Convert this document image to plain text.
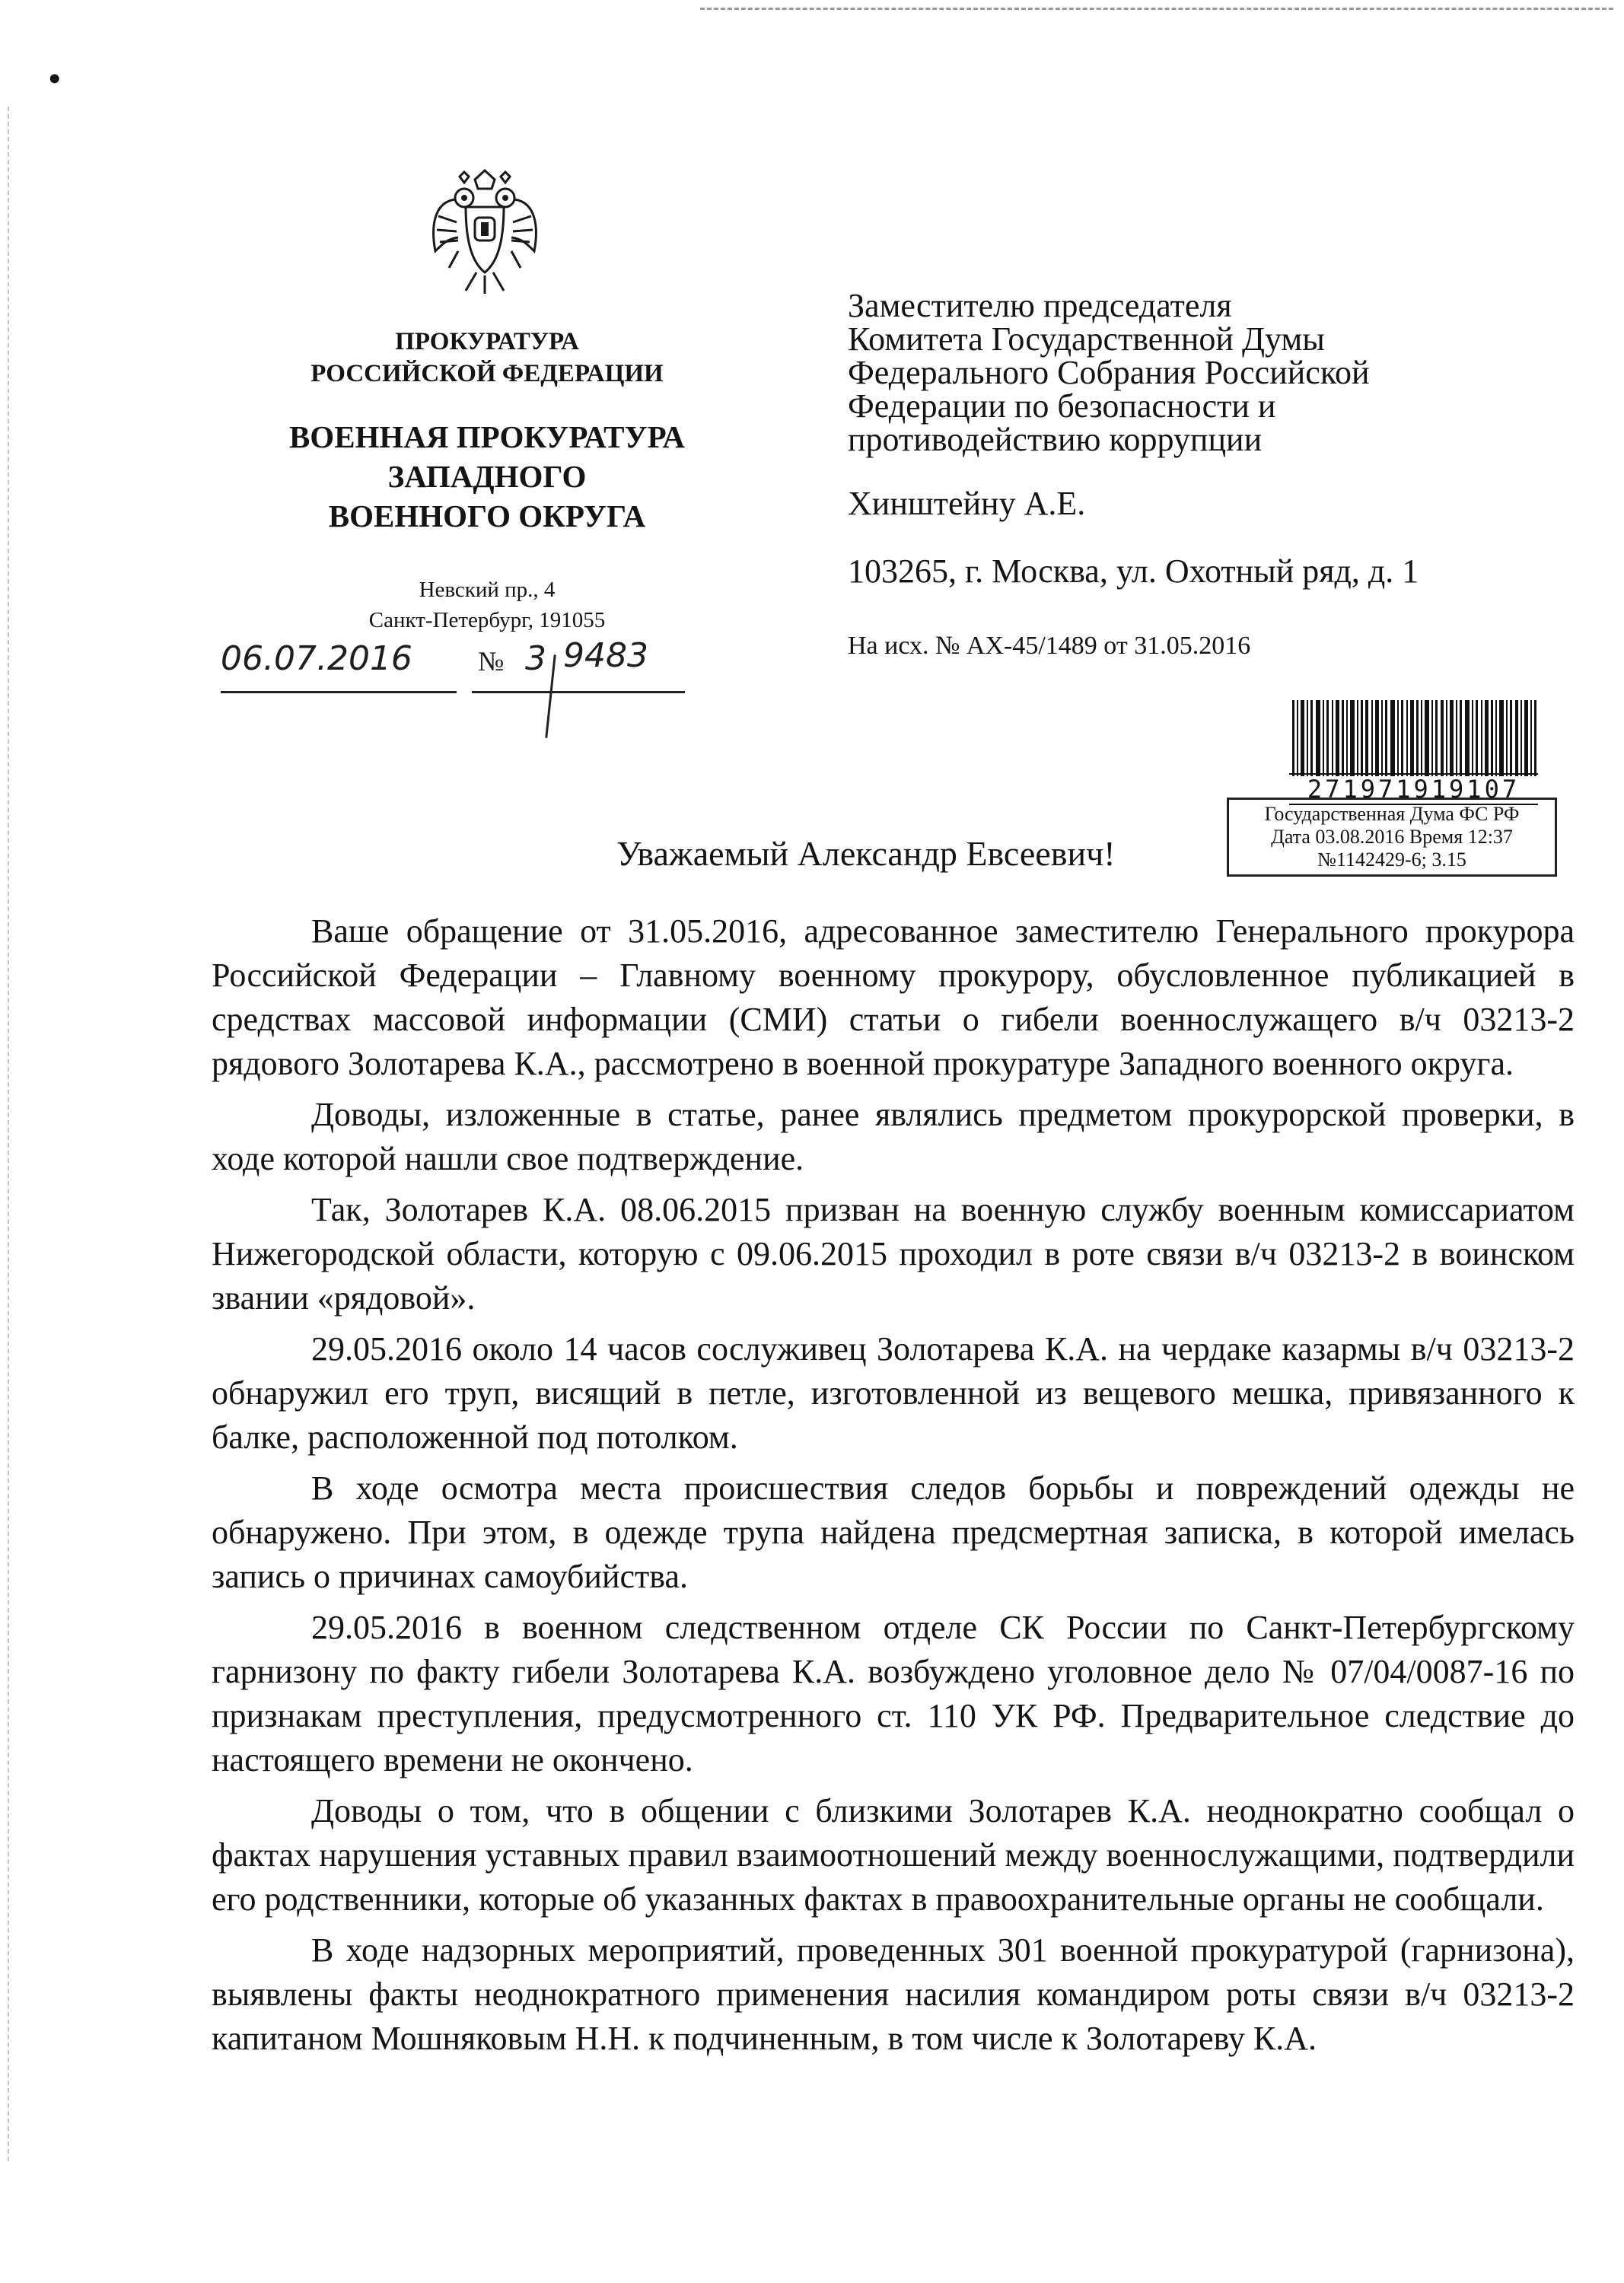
•
ПРОКУРАТУРА
РОССИЙСКОЙ ФЕДЕРАЦИИ
ВОЕННАЯ ПРОКУРАТУРА
ЗАПАДНОГО
ВОЕННОГО ОКРУГА
Невский пр., 4
Санкт-Петербург, 191055
06.07.2016 № 3 9483
Заместителю председателя
Комитета Государственной Думы
Федерального Собрания Российской
Федерации по безопасности и
противодействию коррупции
Хинштейну А.Е.
103265, г. Москва, ул. Охотный ряд, д. 1
На исх. № АХ-45/1489 от 31.05.2016
271971919107
Государственная Дума ФС РФ
Дата 03.08.2016 Время 12:37
№1142429-6; 3.15
Уважаемый Александр Евсеевич!

Ваше обращение от 31.05.2016, адресованное заместителю Генерального прокурора Российской Федерации – Главному военному прокурору, обусловленное публикацией в средствах массовой информации (СМИ) статьи о гибели военнослужащего в/ч 03213-2 рядового Золотарева К.А., рассмотрено в военной прокуратуре Западного военного округа.

Доводы, изложенные в статье, ранее являлись предметом прокурорской проверки, в ходе которой нашли свое подтверждение.

Так, Золотарев К.А. 08.06.2015 призван на военную службу военным комиссариатом Нижегородской области, которую с 09.06.2015 проходил в роте связи в/ч 03213-2 в воинском звании «рядовой».

29.05.2016 около 14 часов сослуживец Золотарева К.А. на чердаке казармы в/ч 03213-2 обнаружил его труп, висящий в петле, изготовленной из вещевого мешка, привязанного к балке, расположенной под потолком.

В ходе осмотра места происшествия следов борьбы и повреждений одежды не обнаружено. При этом, в одежде трупа найдена предсмертная записка, в которой имелась запись о причинах самоубийства.

29.05.2016 в военном следственном отделе СК России по Санкт-Петербургскому гарнизону по факту гибели Золотарева К.А. возбуждено уголовное дело № 07/04/0087-16 по признакам преступления, предусмотренного ст. 110 УК РФ. Предварительное следствие до настоящего времени не окончено.

Доводы о том, что в общении с близкими Золотарев К.А. неоднократно сообщал о фактах нарушения уставных правил взаимоотношений между военнослужащими, подтвердили его родственники, которые об указанных фактах в правоохранительные органы не сообщали.

В ходе надзорных мероприятий, проведенных 301 военной прокуратурой (гарнизона), выявлены факты неоднократного применения насилия командиром роты связи в/ч 03213-2 капитаном Мошняковым Н.Н. к подчиненным, в том числе к Золотареву К.А.
